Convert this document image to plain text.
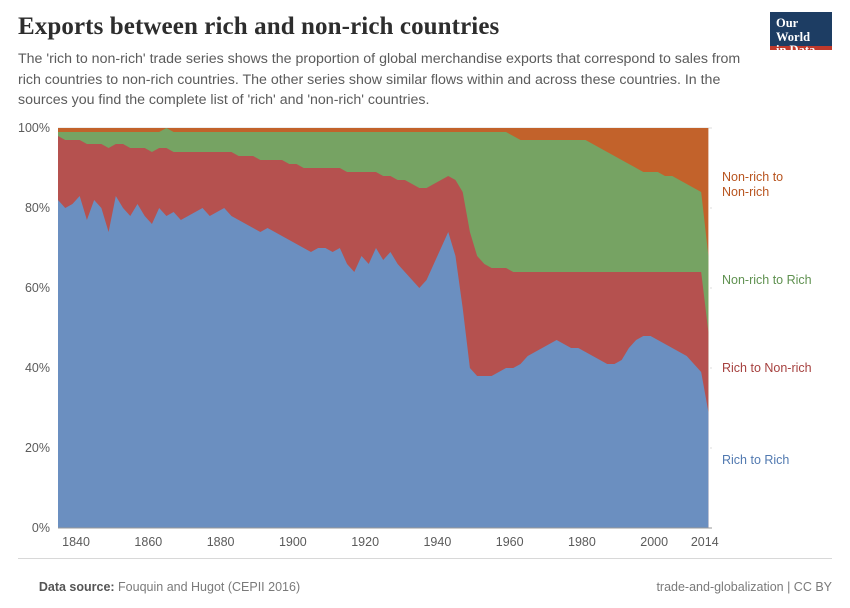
Exports between rich and non-rich countries
The 'rich to non-rich' trade series shows the proportion of global merchandise exports that correspond to sales from rich countries to non-rich countries. The other series show similar flows within and across these countries. In the sources you find the complete list of 'rich' and 'non-rich' countries.
Our World
in Data
0%
20%
40%
60%
80%
100%
1840	1860	1880	1900	1920	1940	1960	1980	2000 2014
Rich to Rich
Rich to Non-rich
Non-rich to Rich
Non-rich to
Non-rich

Data source: Fouquin and Hugot (CEPII 2016)
	trade-and-globalization | CC BY
